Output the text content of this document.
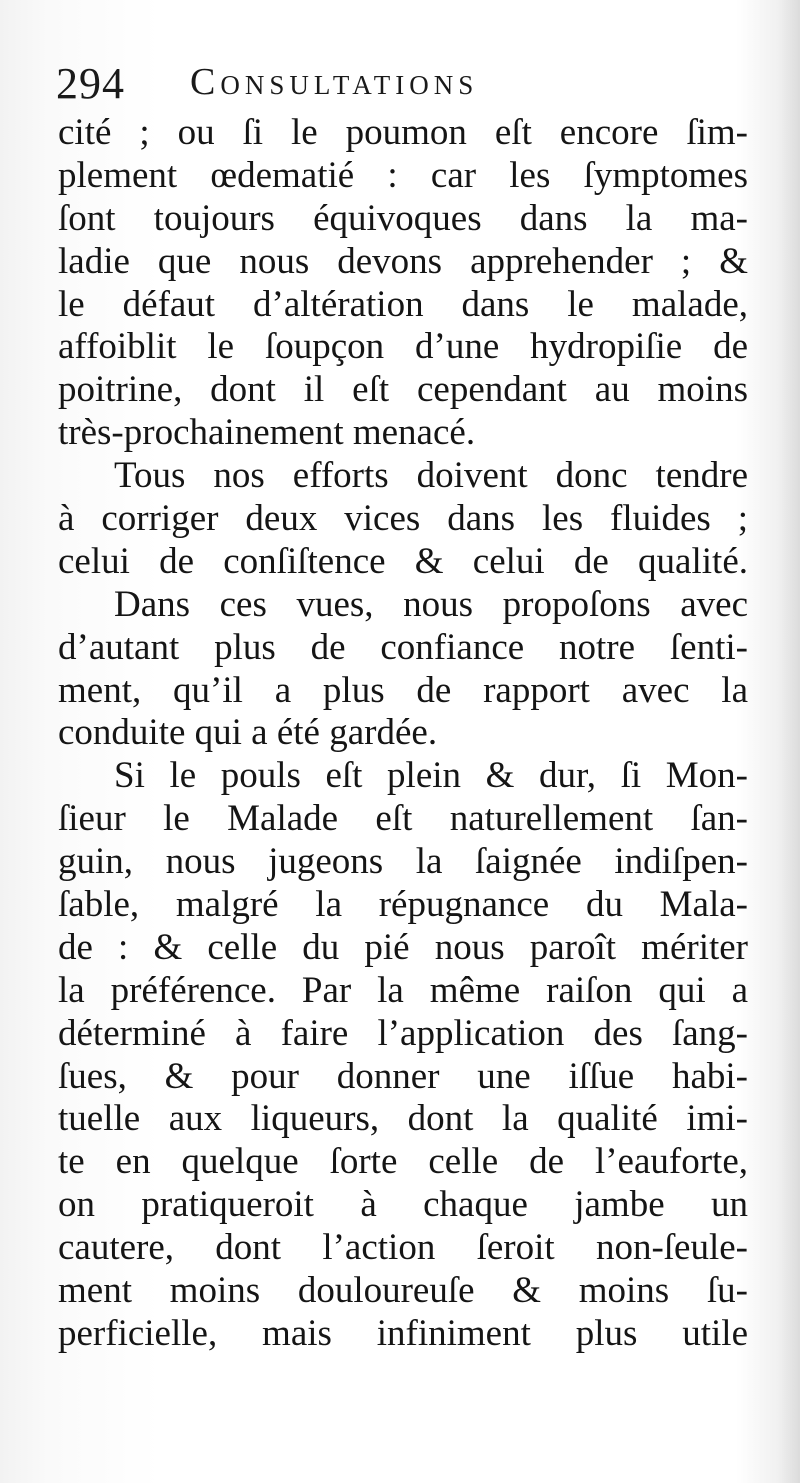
294 Consultations
cité ; ou ſi le poumon eſt encore ſim-
plement œdematié : car les ſymptomes
ſont toujours équivoques dans la ma-
ladie que nous devons apprehender ; &
le défaut d’altération dans le malade,
affoiblit le ſoupçon d’une hydropiſie de
poitrine, dont il eſt cependant au moins
très-prochainement menacé.
Tous nos efforts doivent donc tendre
à corriger deux vices dans les fluides ;
celui de conſiſtence & celui de qualité.
Dans ces vues, nous propoſons avec
d’autant plus de confiance notre ſenti-
ment, qu’il a plus de rapport avec la
conduite qui a été gardée.
Si le pouls eſt plein & dur, ſi Mon-
ſieur le Malade eſt naturellement ſan-
guin, nous jugeons la ſaignée indiſpen-
ſable, malgré la répugnance du Mala-
de : & celle du pié nous paroît mériter
la préférence. Par la même raiſon qui a
déterminé à faire l’application des ſang-
ſues, & pour donner une iſſue habi-
tuelle aux liqueurs, dont la qualité imi-
te en quelque ſorte celle de l’eauforte,
on pratiqueroit à chaque jambe un
cautere, dont l’action ſeroit non-ſeule-
ment moins douloureuſe & moins ſu-
perficielle, mais infiniment plus utile
